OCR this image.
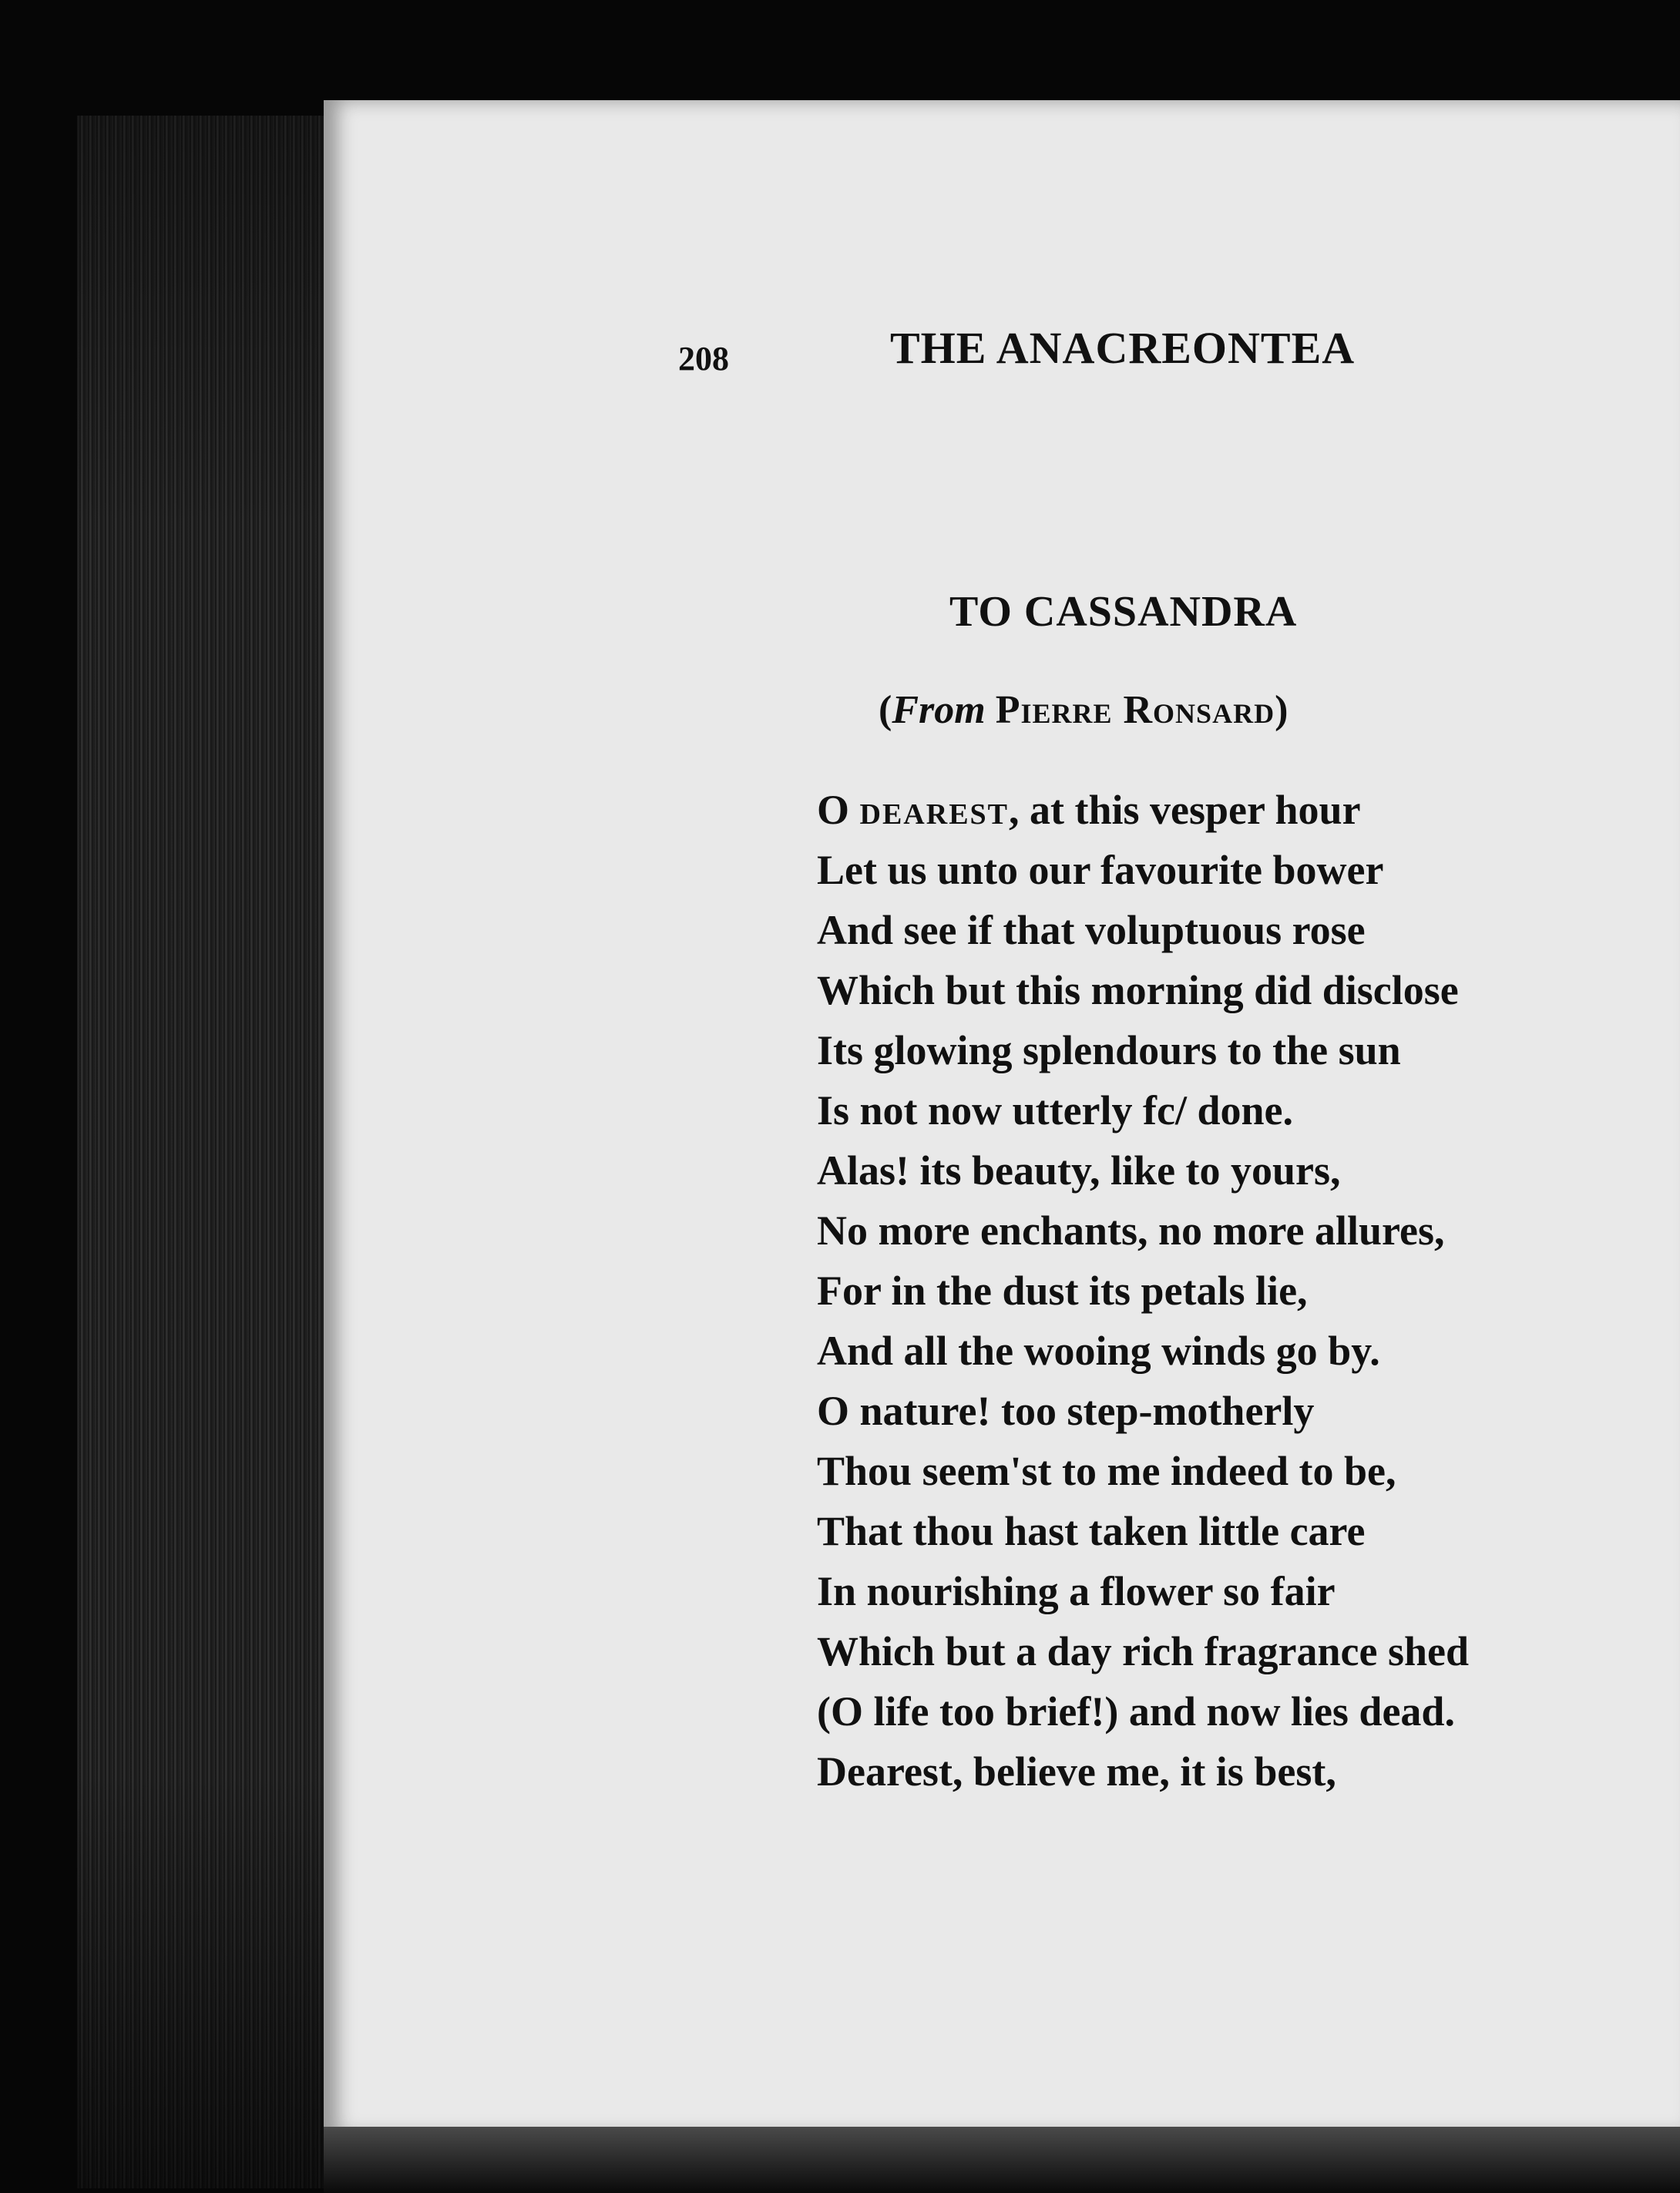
208	THE ANACREONTEA
TO CASSANDRA
(From Pierre Ronsard)
O dearest, at this vesper hour
Let us unto our favourite bower
And see if that voluptuous rose
Which but this morning did disclose
Its glowing splendours to the sun
Is not now utterly fc/ done.
Alas! its beauty, like to yours,
No more enchants, no more allures,
For in the dust its petals lie,
And all the wooing winds go by.
O nature! too step-motherly
Thou seem'st to me indeed to be,
That thou hast taken little care
In nourishing a flower so fair
Which but a day rich fragrance shed
(O life too brief!) and now lies dead.
Dearest, believe me, it is best,
